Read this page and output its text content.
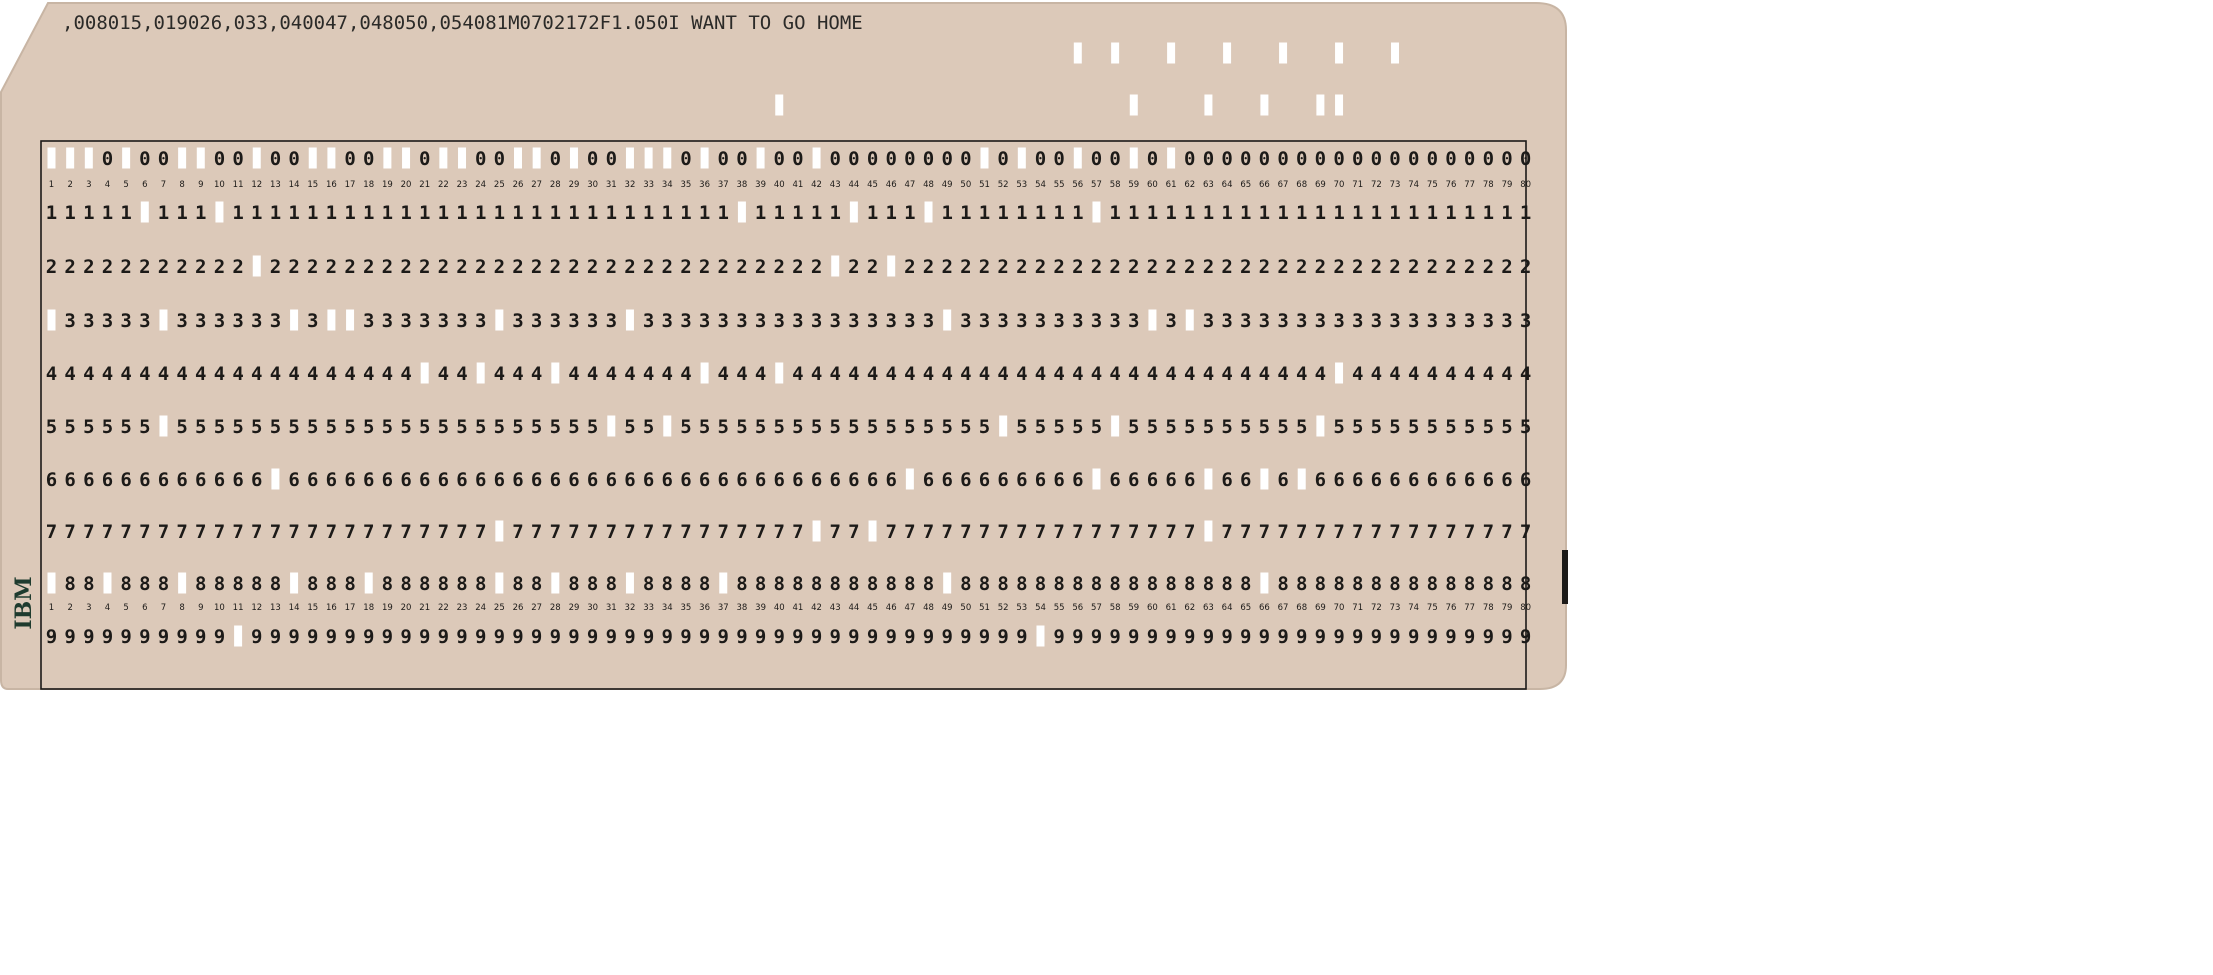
IBM
,008015,019026,033,040047,048050,054081M0702172F1.050I WANT TO GO HOME
0 0 0 0 0 0 0 0 0 0 0 0 0 0 0	0 0 0 0 0 0 0 0 0 0 0 0 0 0 0 0 0 0 0 0 0 0 0 0 0 0 0 0 0 0 0 0 0 0 0 0 0 0
1 1 1 1 1 1 1 1 1 1 1 1 1 1 1 1 1 1 1 1 1 1 1 1 1 1 1 1 1 1 1 1 1 1 1 1 1 1 1 1 1 1 1 1 1 1 1 1 1 1 1 1 1 1 1 1 1 1 1 1 1 1 1 1 1 1 1 1 1 1 1 1 1 1
2 2 2 2 2 2 2 2 2 2 2 2 2 2 2 2 2 2 2 2 2 2 2 2 2 2 2 2 2 2 2 2 2 2 2 2 2 2 2 2 2 2 2 2 2 2 2 2 2 2 2 2 2 2 2 2 2 2 2 2 2 2 2 2 2 2 2 2 2 2 2 2 2 2 2 2 2
3 3 3 3 3 3 3 3 3 3 3 3 3 3 3 3 3 3 3 3 3 3 3 3 3 3 3 3 3 3 3 3 3 3 3 3 3 3 3 3 3 3 3 3 3 3 3 3 3 3 3 3 3 3 3 3 3 3 3 3 3 3 3 3 3 3 3 3 3 3
4 4 4 4 4 4 4 4 4 4 4 4 4 4 4 4 4 4 4 4 4 4 4 4 4 4 4 4 4 4 4 4 4 4 4 4 4 4 4 4 4 4 4 4 4 4 4 4 4 4 4 4 4 4 4 4 4 4 4 4 4 4 4 4 4 4 4 4 4 4 4 4 4 4
5 5 5 5 5 5 5 5 5 5 5 5 5 5 5 5 5 5 5 5 5 5 5 5 5 5 5 5 5 5 5 5 5 5 5 5 5 5 5 5 5 5 5 5 5 5 5 5 5 5 5 5 5 5 5 5 5 5 5 5 5 5 5 5 5 5 5 5 5 5 5 5 5 5
6 6 6 6 6 6 6 6 6 6 6 6 6 6 6 6 6 6 6 6 6 6 6 6 6 6 6 6 6 6 6 6 6 6 6 6 6 6 6 6 6 6 6 6 6 6 6 6 6 6 6 6 6 6 6 6 6 6 6 6 6 6 6 6 6 6 6 6 6 6 6 6 6 6
7 7 7 7 7 7 7 7 7 7 7 7 7 7 7 7 7 7 7 7 7 7 7 7 7 7 7 7 7 7 7 7 7 7 7 7 7 7 7 7 7 7 7 7 7 7 7 7 7 7 7 7 7 7 7 7 7 7 7 7 7 7 7 7 7 7 7 7 7 7 7 7 7 7 7 7
8 8 8 8 8 8 8 8 8 8 8 8 8 8 8 8 8 8 8 8 8 8 8 8 8 8 8 8 8 8 8 8 8 8 8 8 8 8 8 8 8 8 8 8 8 8 8 8 8 8 8 8 8 8 8 8 8 8 8 8 8 8 8 8 8 8 8 8 8
9 9 9 9 9 9 9 9 9 9 9 9 9 9 9 9 9 9 9 9 9 9 9 9 9 9 9 9 9 9 9 9 9 9 9 9 9 9 9 9 9 9 9 9 9 9 9 9 9 9 9 9 9 9 9 9 9 9 9 9 9 9 9 9 9 9 9 9 9 9 9 9 9 9 9 9 9 9
1 2 3 4 5 6 7 8 9 10 11 12 13 14 15 16 17 18 19 20 21 22 23 24 25 26 27 28 29 30 31 32 33 34 35 36 37 38 39 40 41 42 43 44 45 46 47 48 49 50 51 52 53 54 55 56 57 58 59 60 61 62 63 64 65 66 67 68 69 70 71 72 73 74 75 76 77 78 79 80
1 2 3 4 5 6 7 8 9 10 11 12 13 14 15 16 17 18 19 20 21 22 23 24 25 26 27 28 29 30 31 32 33 34 35 36 37 38 39 40 41 42 43 44 45 46 47 48 49 50 51 52 53 54 55 56 57 58 59 60 61 62 63 64 65 66 67 68 69 70 71 72 73 74 75 76 77 78 79 80
